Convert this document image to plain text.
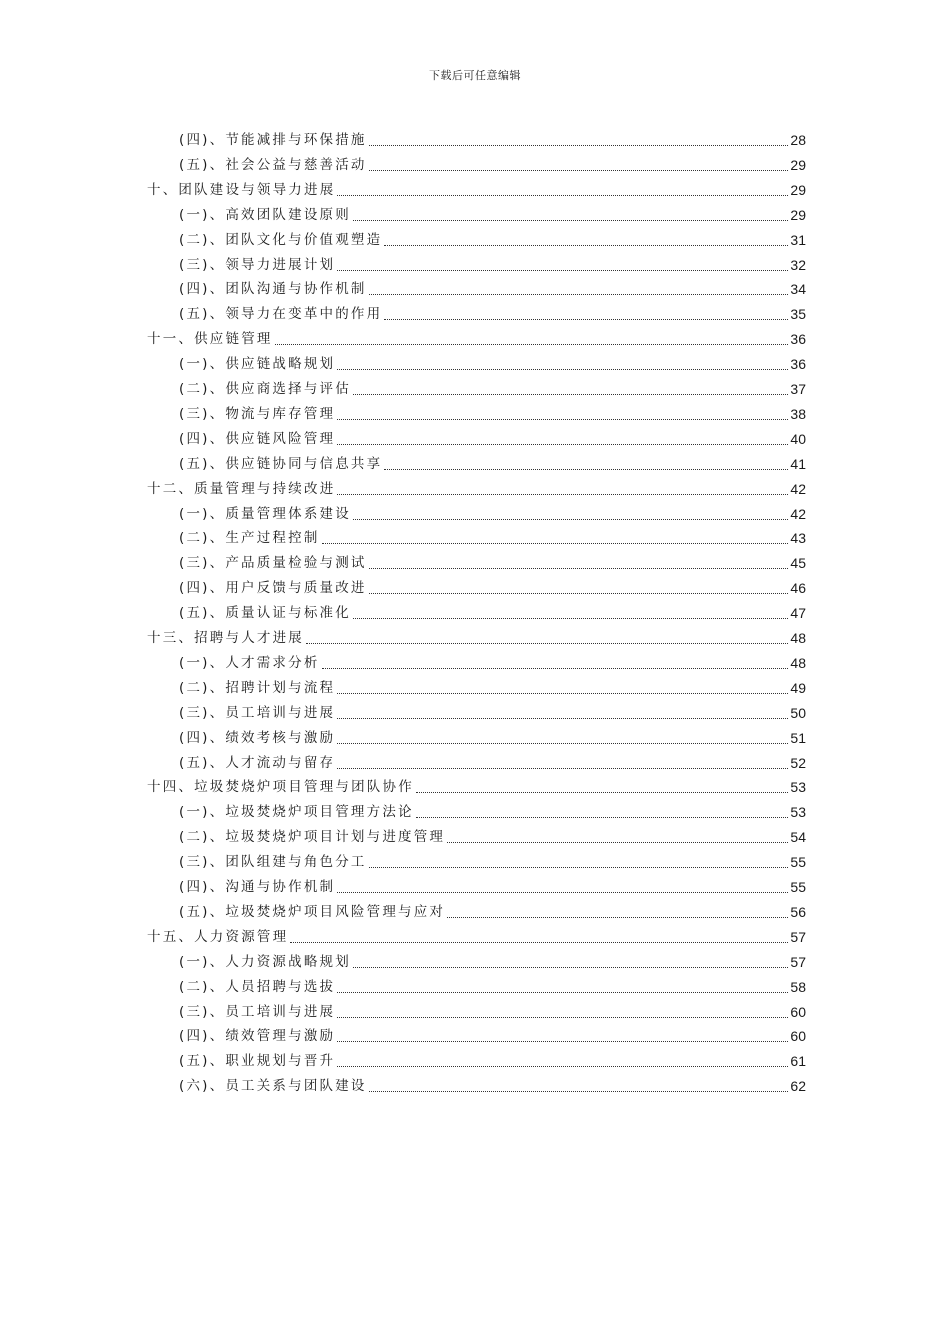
下载后可任意编辑
(四)、节能减排与环保措施	28
(五)、社会公益与慈善活动	29
十、团队建设与领导力进展	29
(一)、高效团队建设原则	29
(二)、团队文化与价值观塑造	31
(三)、领导力进展计划	32
(四)、团队沟通与协作机制	34
(五)、领导力在变革中的作用	35
十一、供应链管理	36
(一)、供应链战略规划	36
(二)、供应商选择与评估	37
(三)、物流与库存管理	38
(四)、供应链风险管理	40
(五)、供应链协同与信息共享	41
十二、质量管理与持续改进	42
(一)、质量管理体系建设	42
(二)、生产过程控制	43
(三)、产品质量检验与测试	45
(四)、用户反馈与质量改进	46
(五)、质量认证与标准化	47
十三、招聘与人才进展	48
(一)、人才需求分析	48
(二)、招聘计划与流程	49
(三)、员工培训与进展	50
(四)、绩效考核与激励	51
(五)、人才流动与留存	52
十四、垃圾焚烧炉项目管理与团队协作	53
(一)、垃圾焚烧炉项目管理方法论	53
(二)、垃圾焚烧炉项目计划与进度管理	54
(三)、团队组建与角色分工	55
(四)、沟通与协作机制	55
(五)、垃圾焚烧炉项目风险管理与应对	56
十五、人力资源管理	57
(一)、人力资源战略规划	57
(二)、人员招聘与选拔	58
(三)、员工培训与进展	60
(四)、绩效管理与激励	60
(五)、职业规划与晋升	61
(六)、员工关系与团队建设	62
